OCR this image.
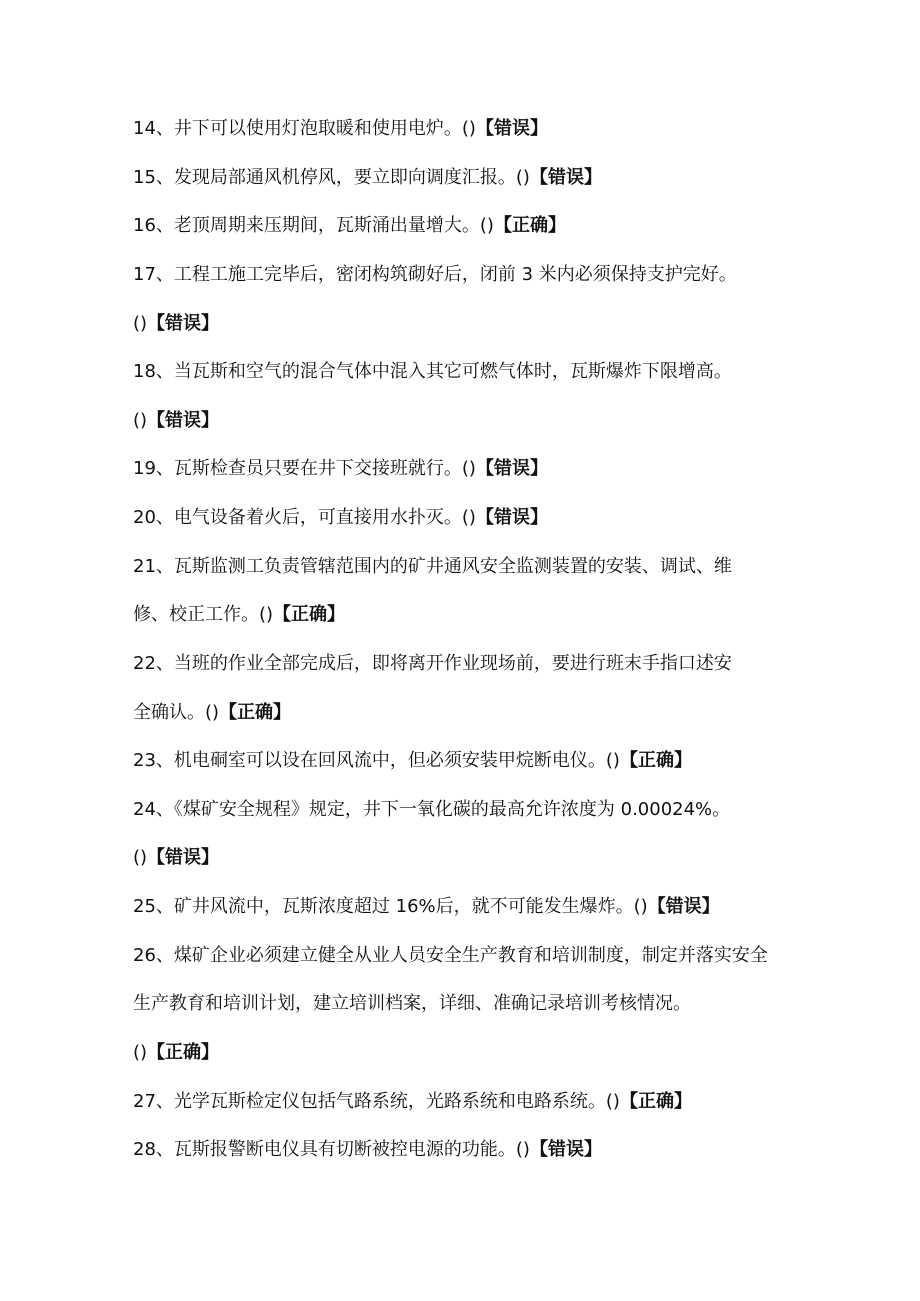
14、井下可以使用灯泡取暖和使用电炉。()【错误】
15、发现局部通风机停风，要立即向调度汇报。()【错误】
16、老顶周期来压期间，瓦斯涌出量增大。()【正确】
17、工程工施工完毕后，密闭构筑砌好后，闭前 3 米内必须保持支护完好。
()【错误】
18、当瓦斯和空气的混合气体中混入其它可燃气体时，瓦斯爆炸下限增高。
()【错误】
19、瓦斯检查员只要在井下交接班就行。()【错误】
20、电气设备着火后，可直接用水扑灭。()【错误】
21、瓦斯监测工负责管辖范围内的矿井通风安全监测装置的安装、调试、维
修、校正工作。()【正确】
22、当班的作业全部完成后，即将离开作业现场前，要进行班末手指口述安
全确认。()【正确】
23、机电硐室可以设在回风流中，但必须安装甲烷断电仪。()【正确】
24、《煤矿安全规程》规定，井下一氧化碳的最高允许浓度为 0.00024%。
()【错误】
25、矿井风流中，瓦斯浓度超过 16%后，就不可能发生爆炸。()【错误】
26、煤矿企业必须建立健全从业人员安全生产教育和培训制度，制定并落实安全
生产教育和培训计划，建立培训档案，详细、准确记录培训考核情况。
()【正确】
27、光学瓦斯检定仪包括气路系统，光路系统和电路系统。()【正确】
28、瓦斯报警断电仪具有切断被控电源的功能。()【错误】
